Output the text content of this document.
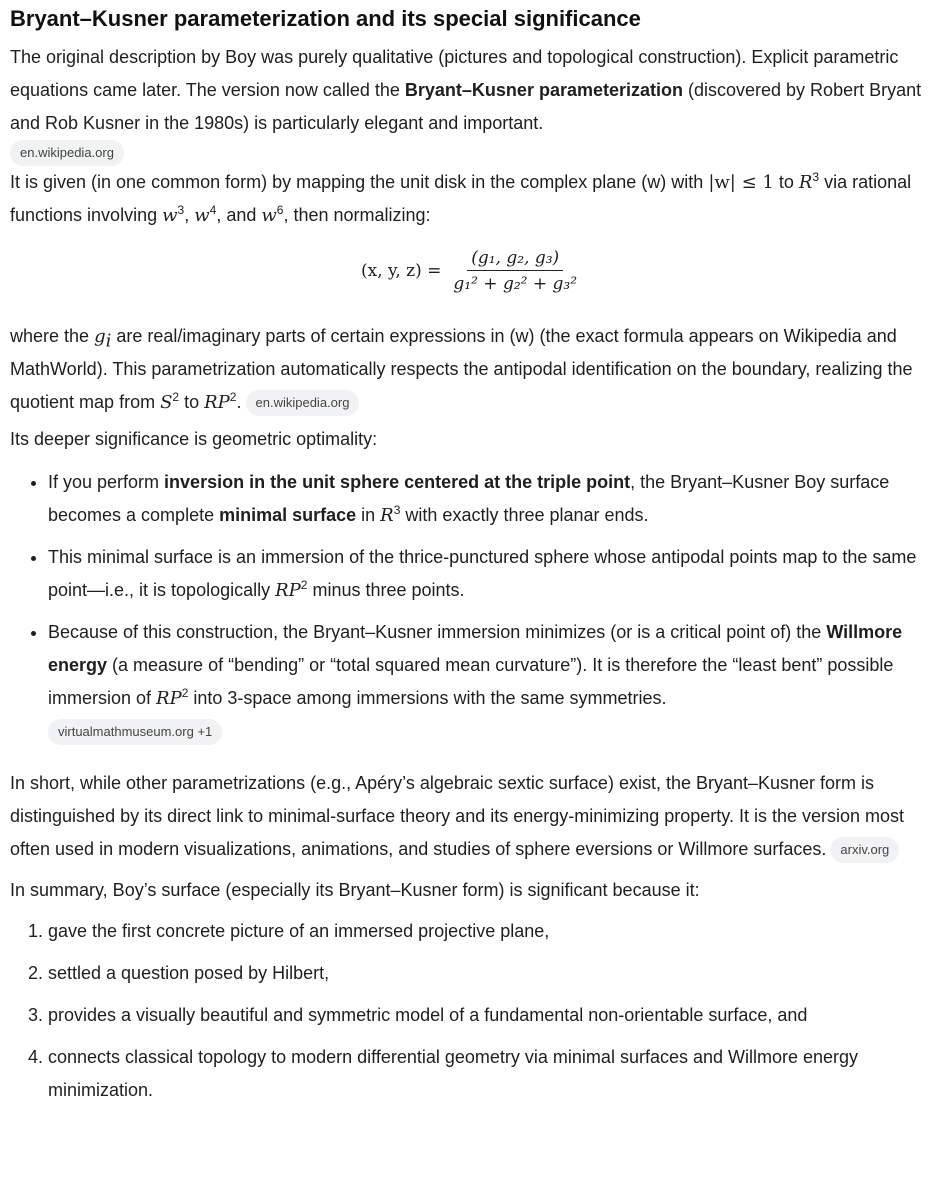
Bryant–Kusner parameterization and its special significance

The original description by Boy was purely qualitative (pictures and topological construction). Explicit parametric equations came later. The version now called the Bryant–Kusner parameterization (discovered by Robert Bryant and Rob Kusner in the 1980s) is particularly elegant and important.

en.wikipedia.org

It is given (in one common form) by mapping the unit disk in the complex plane (w) with |w| ≤ 1 to $R^3$ via rational functions involving $w^3$, $w^4$, and $w^6$, then normalizing:

(x, y, $z) = \frac{\text{(g₁, g₂, g₃)}}{\text{g₁² + g₂² + g₃²}}$

where the $g_i$ are real/imaginary parts of certain expressions in (w) (the exact formula appears on Wikipedia and MathWorld). This parametrization automatically respects the antipodal identification on the boundary, realizing the quotient map from $S^2$ to $RP^2$. en.wikipedia.org

Its deeper significance is geometric optimality:

• If you perform inversion in the unit sphere centered at the triple point, the Bryant–Kusner Boy surface becomes a complete minimal surface in $R^3$ with exactly three planar ends.
• This minimal surface is an immersion of the thrice-punctured sphere whose antipodal points map to the same point—i.e., it is topologically $RP^2$ minus three points.
• Because of this construction, the Bryant–Kusner immersion minimizes (or is a critical point of) the Willmore energy (a measure of “bending” or “total squared mean curvature”). It is therefore the “least bent” possible immersion of $RP^2$ into 3-space among immersions with the same symmetries.
virtualmathmuseum.org +1

In short, while other parametrizations (e.g., Apéry’s algebraic sextic surface) exist, the Bryant–Kusner form is distinguished by its direct link to minimal-surface theory and its energy-minimizing property. It is the version most often used in modern visualizations, animations, and studies of sphere eversions or Willmore surfaces. arxiv.org

In summary, Boy’s surface (especially its Bryant–Kusner form) is significant because it:

1. gave the first concrete picture of an immersed projective plane,
2. settled a question posed by Hilbert,
3. provides a visually beautiful and symmetric model of a fundamental non-orientable surface, and
4. connects classical topology to modern differential geometry via minimal surfaces and Willmore energy minimization.
